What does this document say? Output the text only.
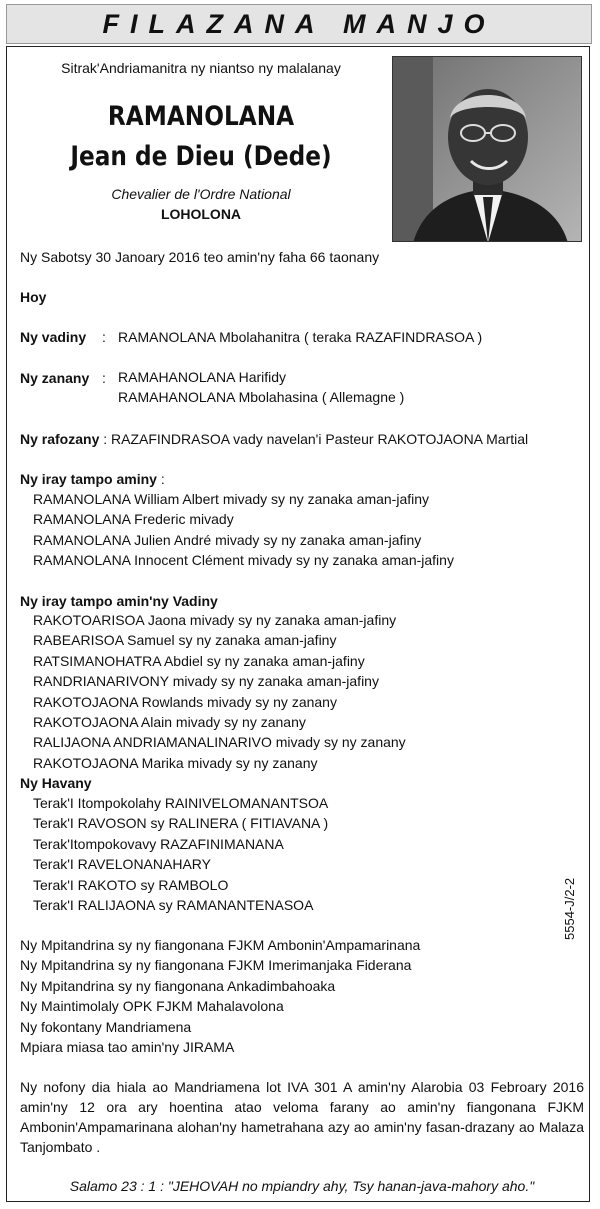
FILAZANA MANJO
Sitrak'Andriamanitra ny niantso ny malalanay
RAMANOLANA
Jean de Dieu (Dede)
Chevalier de l'Ordre National
LOHOLONA
Ny Sabotsy 30 Janoary 2016 teo amin'ny faha 66 taonany
Hoy
Ny vadiny : RAMANOLANA Mbolahanitra ( teraka RAZAFINDRASOA )
Ny zanany : RAMAHANOLANA Harifidy
RAMAHANOLANA Mbolahasina ( Allemagne )
Ny rafozany : RAZAFINDRASOA vady navelan'i Pasteur RAKOTOJAONA Martial
Ny iray tampo aminy :
RAMANOLANA William Albert mivady sy ny zanaka aman-jafiny
RAMANOLANA Frederic mivady
RAMANOLANA Julien André mivady sy ny zanaka aman-jafiny
RAMANOLANA Innocent Clément mivady sy ny zanaka aman-jafiny
Ny iray tampo amin'ny Vadiny
RAKOTOARISOA Jaona mivady sy ny zanaka aman-jafiny
RABEARISOA Samuel sy ny zanaka aman-jafiny
RATSIMANOHATRA Abdiel sy ny zanaka aman-jafiny
RANDRIANARIVONY mivady sy ny zanaka aman-jafiny
RAKOTOJAONA Rowlands mivady sy ny zanany
RAKOTOJAONA Alain mivady sy ny zanany
RALIJAONA ANDRIAMANALINARIVO mivady sy ny zanany
RAKOTOJAONA Marika mivady sy ny zanany
Ny Havany
Terak'I Itompokolahy RAINIVELOMANANTSOA
Terak'I RAVOSON sy RALINERA ( FITIAVANA )
Terak'Itompokovavy RAZAFINIMANANA
Terak'I RAVELONANAHARY
Terak'I RAKOTO sy RAMBOLO
Terak'I RALIJAONA sy RAMANANTENASOA
Ny Mpitandrina sy ny fiangonana FJKM Ambonin'Ampamarinana
Ny Mpitandrina sy ny fiangonana FJKM Imerimanjaka Fiderana
Ny Mpitandrina sy ny fiangonana Ankadimbahoaka
Ny Maintimolaly OPK FJKM Mahalavolona
Ny fokontany Mandriamena
Mpiara miasa tao amin'ny JIRAMA
Ny nofony dia hiala ao Mandriamena lot IVA 301 A amin'ny Alarobia 03 Febroary 2016 amin'ny 12 ora ary hoentina atao veloma farany ao amin'ny fiangonana FJKM Ambonin'Ampamarinana alohan'ny hametrahana azy ao amin'ny fasan-drazany ao Malaza Tanjombato .
Salamo 23 : 1 : "JEHOVAH no mpiandry ahy, Tsy hanan-java-mahory aho."
5554-J/2-2
